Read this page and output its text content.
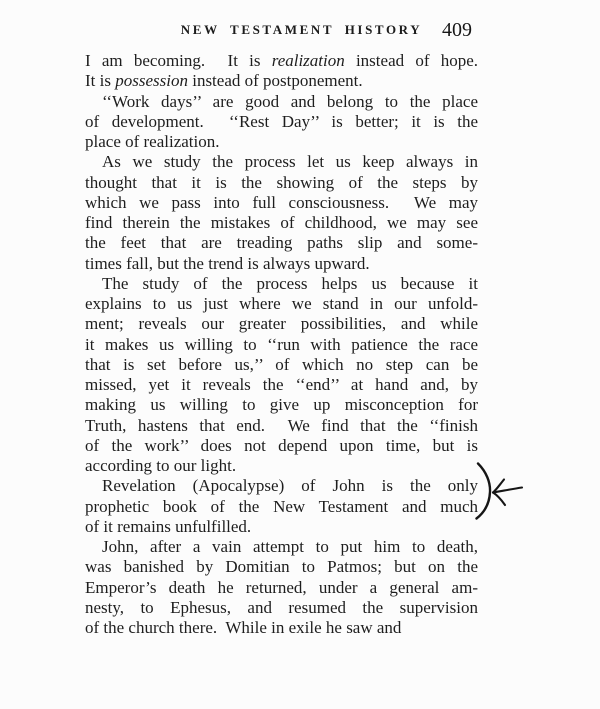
NEW TESTAMENT HISTORY 409

I am becoming.  It is realization instead of hope.
It is possession instead of postponement.

‘‘Work days’’ are good and belong to the place
of development.  ‘‘Rest Day’’ is better; it is the
place of realization.

As we study the process let us keep always in
thought that it is the showing of the steps by
which we pass into full consciousness.  We may
find therein the mistakes of childhood, we may see
the feet that are treading paths slip and some-
times fall, but the trend is always upward.

The study of the process helps us because it
explains to us just where we stand in our unfold-
ment; reveals our greater possibilities, and while
it makes us willing to ‘‘run with patience the race
that is set before us,’’ of which no step can be
missed, yet it reveals the ‘‘end’’ at hand and, by
making us willing to give up misconception for
Truth, hastens that end.  We find that the ‘‘finish
of the work’’ does not depend upon time, but is
according to our light.

Revelation (Apocalypse) of John is the only
prophetic book of the New Testament and much
of it remains unfulfilled.

John, after a vain attempt to put him to death,
was banished by Domitian to Patmos; but on the
Emperor’s death he returned, under a general am-
nesty, to Ephesus, and resumed the supervision
of the church there.  While in exile he saw and
